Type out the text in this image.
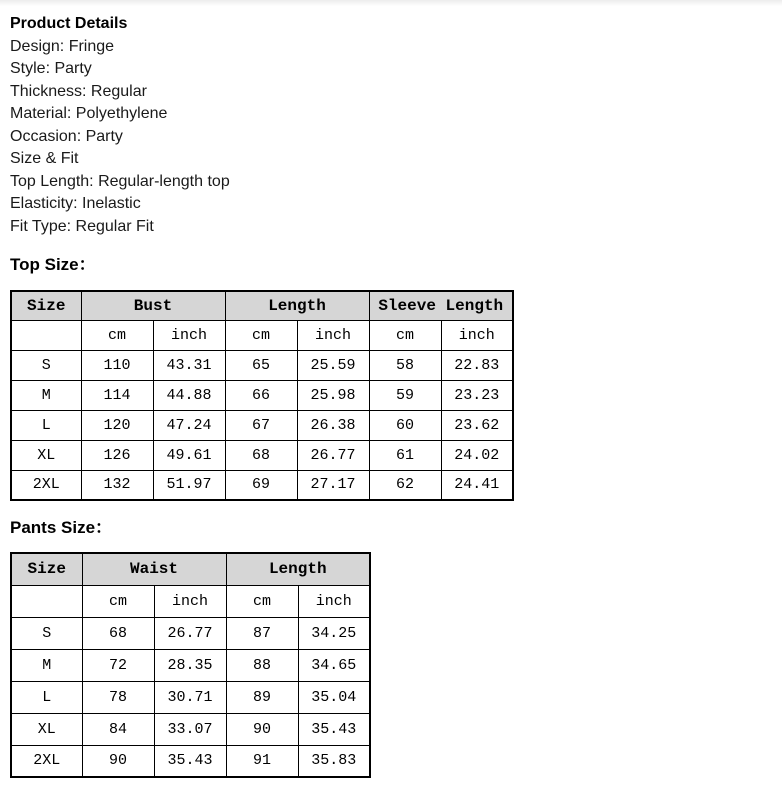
Product Details
Design: Fringe
Style: Party
Thickness: Regular
Material: Polyethylene
Occasion: Party
Size & Fit
Top Length: Regular-length top
Elasticity: Inelastic
Fit Type: Regular Fit
Top Size：
Size	Bust		Length		Sleeve Length	
	cm	inch	cm	inch	cm	inch
S	110	43.31	65	25.59	58	22.83
M	114	44.88	66	25.98	59	23.23
L	120	47.24	67	26.38	60	23.62
XL	126	49.61	68	26.77	61	24.02
2XL	132	51.97	69	27.17	62	24.41
Pants Size：
Size	Waist		Length	
	cm	inch	cm	inch
S	68	26.77	87	34.25
M	72	28.35	88	34.65
L	78	30.71	89	35.04
XL	84	33.07	90	35.43
2XL	90	35.43	91	35.83
